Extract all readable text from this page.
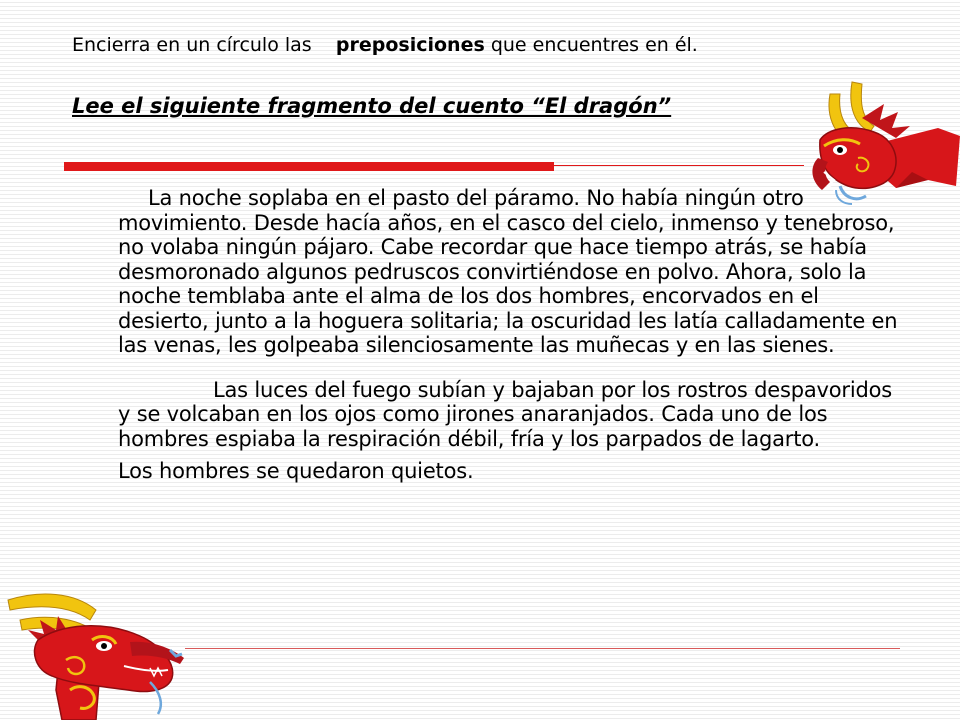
Encierra en un círculo las preposiciones que encuentres en él.
Lee el siguiente fragmento del cuento “El dragón”

La noche soplaba en el pasto del páramo. No había ningún otro movimiento. Desde hacía años, en el casco del cielo, inmenso y tenebroso, no volaba ningún pájaro. Cabe recordar que hace tiempo atrás, se había desmoronado algunos pedruscos convirtiéndose en polvo. Ahora, solo la noche temblaba ante el alma de los dos hombres, encorvados en el desierto, junto a la hoguera solitaria; la oscuridad les latía calladamente en las venas, les golpeaba silenciosamente las muñecas y en las sienes.

Las luces del fuego subían y bajaban por los rostros despavoridos y se volcaban en los ojos como jirones anaranjados. Cada uno de los hombres espiaba la respiración débil, fría y los parpados de lagarto.

Los hombres se quedaron quietos.
